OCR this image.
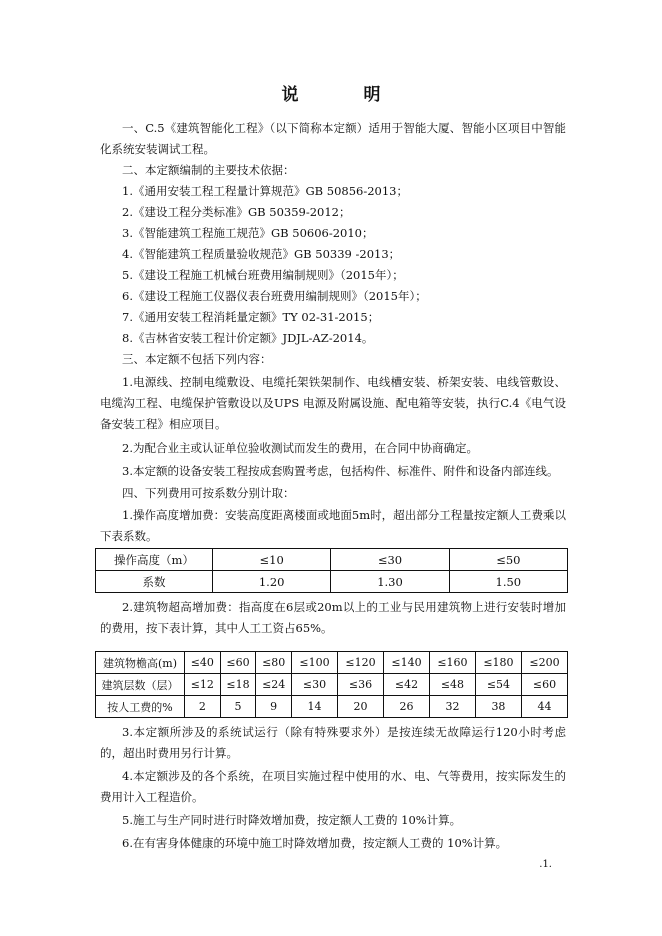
说　明
一、C.5《建筑智能化工程》（以下简称本定额）适用于智能大厦、智能小区项目中智能化系统安装调试工程。
二、本定额编制的主要技术依据：
1.《通用安装工程工程量计算规范》GB 50856-2013；
2.《建设工程分类标准》GB 50359-2012；
3.《智能建筑工程施工规范》GB 50606-2010；
4.《智能建筑工程质量验收规范》GB 50339 -2013；
5.《建设工程施工机械台班费用编制规则》（2015年）；
6.《建设工程施工仪器仪表台班费用编制规则》（2015年）；
7.《通用安装工程消耗量定额》TY 02-31-2015；
8.《吉林省安装工程计价定额》JDJL-AZ-2014。
三、本定额不包括下列内容：
1.电源线、控制电缆敷设、电缆托架铁架制作、电线槽安装、桥架安装、电线管敷设、电缆沟工程、电缆保护管敷设以及UPS 电源及附属设施、配电箱等安装，执行C.4《电气设备安装工程》相应项目。
2.为配合业主或认证单位验收测试而发生的费用，在合同中协商确定。
3.本定额的设备安装工程按成套购置考虑，包括构件、标准件、附件和设备内部连线。
四、下列费用可按系数分别计取：
1.操作高度增加费：安装高度距离楼面或地面5m时，超出部分工程量按定额人工费乘以下表系数。
操作高度（m）	≤10	≤30	≤50
系数	1.20	1.30	1.50
2.建筑物超高增加费：指高度在6层或20m以上的工业与民用建筑物上进行安装时增加的费用，按下表计算，其中人工工资占65%。
建筑物檐高(m)	≤40	≤60	≤80	≤100	≤120	≤140	≤160	≤180	≤200
建筑层数（层）	≤12	≤18	≤24	≤30	≤36	≤42	≤48	≤54	≤60
按人工费的%	2	5	9	14	20	26	32	38	44
3.本定额所涉及的系统试运行（除有特殊要求外）是按连续无故障运行120小时考虑的，超出时费用另行计算。
4.本定额涉及的各个系统，在项目实施过程中使用的水、电、气等费用，按实际发生的费用计入工程造价。
5.施工与生产同时进行时降效增加费，按定额人工费的 10%计算。
6.在有害身体健康的环境中施工时降效增加费，按定额人工费的 10%计算。
.1.
